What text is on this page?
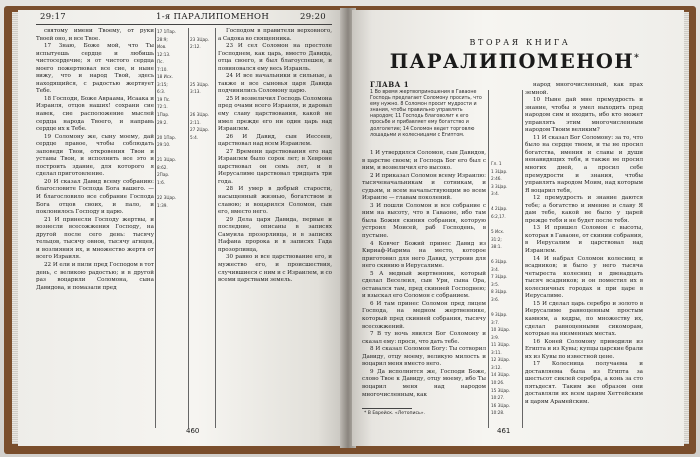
29:17	1-я ПАРАЛИПОМЕНОН	29:20

святому имени Твоему, от руки Твоей оно, и все Твое.

17 Знаю, Боже мой, что Ты испытуешь сердце и любишь чистосердечие; я от чистого сердца моего пожертвовал все сие, и ныне вижу, что и народ Твой, здесь находящийся, с радостью жертвует Тебе.

18 Господи, Боже Авраама, Исаака и Израиля, отцов наших! сохрани сие навек, сие расположение мыслей сердца народа Твоего, и направь сердце их к Тебе.

19 Соломону же, сыну моему, дай сердце правое, чтобы соблюдать заповеди Твои, откровения Твои и уставы Твои, и исполнить все это и построить здание, для которого я сделал приготовление.

20 И сказал Давид всему собранию: благословите Господа Бога вашего. — И благословило все собрание Господа Бога отцов своих, и пало, и поклонилось Господу и царю.

21 И принесли Господу жертвы, и вознесли всесожжения Господу, на другой после сего день: тысячу тельцов, тысячу овнов, тысячу агнцев, и возлияния их, и множество жертв от всего Израиля.

22 И ели и пили пред Господом в тот день, с великою радостью; и в другой раз воцарили Соломона, сына Давидова, и помазали пред

17 1Пар.
28:9;
Иов.
12:13.
Пс.
7:10.
18 Исх.
3:15;
6:3.
19 Пс.
72:1.
1Пар.
29:2.

20 1Пар.
29:10.

21 3Цар.
8:62.
2Пар.
1:6.

22 3Цар.
1:39.

23 3Цар.
2:12.

25 3Цар.
3:13.

26 3Цар.
2:11.
27 2Цар.
5:4.

Господом в правители верховного, а Садока во священника.

23 И сел Соломон на престоле Господнем, как царь, вместо Давида, отца своего, и был благоуспешен, и повиновался ему весь Израиль.

24 И все начальники и сильные, а также и все сыновья царя Давида подчинились Соломону царю.

25 И возвеличил Господь Соломона пред очами всего Израиля, и даровал ему славу царствования, какой не имел прежде его ни один царь над Израилем.

26 И Давид, сын Иессеев, царствовал над всем Израилем.

27 Времени царствования его над Израилем было сорок лет; в Хевроне царствовал он семь лет, и в Иерусалиме царствовал тридцать три года.

28 И умер в добрый старости, насыщенный жизнью, богатством и славою; и воцарился Соломон, сын его, вместо него.

29 Дела царя Давида, первые и последние, описаны в записях Самуила прозорливца, и в записях Нафана пророка и в записях Гада прозорливца,

30 равно и все царствование его, и мужество его, и происшествия, случившиеся с ним и с Израилем, и со всеми царствами земель.

460
ВТОРАЯ КНИГА
ПАРАЛИПОМЕНОН*
ГЛАВА 1
1 Во время жертвоприношения в Гаваоне Господь предлагает Соломону просить, что ему нужно. 8 Соломон просит мудрости и знания, чтобы правильно управлять народом; 11 Господь благоволит к его просьбе и прибавляет ему богатство и долголетие; 14 Соломон ведет торговлю лошадьми и колесницами с Египтом.

1 И утвердился Соломон, сын Давидов, в царстве своем; и Господь Бог его был с ним, и возвеличил его высоко.

2 И приказал Соломон всему Израилю: тысяченачальникам и сотникам, и судьям, и всем начальствующим во всем Израиле — главам поколений.

3 И пошли Соломон и все собрание с ним на высоту, что в Гаваоне, ибо там была Божия скиния собрания, которую устроил Моисей, раб Господень, в пустыне.

4 Ковчег Божий принес Давид из Кириаф-Иарима на место, которое приготовил для него Давид, устроив для него скинию в Иерусалиме.

5 А медный жертвенник, который сделал Веселеил, сын Ури, сына Ора, оставался там, пред скинией Господнею; и взыскал его Соломон с собранием.

6 И там принес Соломон пред лицем Господа, на медном жертвеннике, который пред скинией собрания, тысячу всесожжений.

7 В ту ночь явился Бог Соломону и сказал ему: проси, что дать тебе.

8 И сказал Соломон Богу: Ты сотворил Давиду, отцу моему, великую милость и воцарил меня вместо него.

9 Да исполнится же, Господи Боже, слово Твое к Давиду, отцу моему, ибо Ты воцарил меня над народом многочисленным, как

Гл. 1
1 3Цар.
2:46.
3 3Цар.
3:4.

4 2Цар.
6:2,17.

5 Исх.
31:2;
38:1.

6 3Цар.
3:4.
7 3Цар.
3:5.
8 3Цар.
3:6.

9 3Цар.
3:7.
10 3Цар.
3:9.
11 3Цар.
3:11.
12 3Цар.
3:12.
14 3Цар.
10:26.
15 3Цар.
10:27.
16 3Цар.
10:28.

народ многочисленный, как прах земной.

10 Ныне дай мне премудрость и знание, чтобы я умел выходить пред народом сим и входить, ибо кто может управлять этим многочисленным народом Твоим великим?

11 И сказал Бог Соломону: за то, что было на сердце твоем, и ты не просил богатства, имения и славы и души ненавидящих тебя, и также не просил многих дней, а просил себе премудрости и знания, чтобы управлять народом Моим, над которым Я воцарил тебя,

12 премудрость и знание даются тебе; а богатство и имение и славу Я дам тебе, какой не было у царей прежде тебя и не будет после тебя.

13 И пришел Соломон с высоты, которая в Гаваоне, от скинии собрания, в Иерусалим и царствовал над Израилем.

14 И набрал Соломон колесниц и всадников; и было у него тысяча четыреста колесниц и двенадцать тысяч всадников; и он поместил их в колесничных городах и при царе в Иерусалиме.

15 И сделал царь серебро и золото в Иерусалиме равноценным простым камням, а кедры, по множеству их, сделал равноценными сикоморам, которые на низменных местах.

16 Коней Соломону приводили из Египта и из Кувы; купцы царские брали их из Кувы по известной цене.

17 Колесница получаема и доставляема была из Египта за шестьсот сиклей серебра, а конь за сто пятьдесят. Таким же образом они доставляли их всем царям Хеттейским и царям Арамейским.

* В Еврейск. «Летопись».
461
